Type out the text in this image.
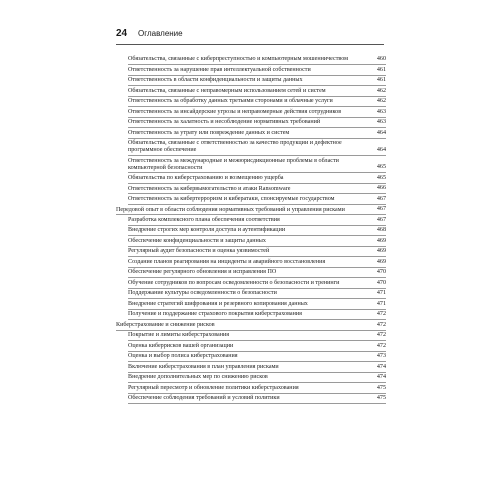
24 Оглавление
Обязательства, связанные с киберпреступностью и компьютерным мошенничеством	460
Ответственность за нарушение прав интеллектуальной собственности	461
Ответственность в области конфиденциальности и защиты данных	461
Обязательства, связанные с неправомерным использованием сетей и систем	462
Ответственность за обработку данных третьими сторонами и облачные услуги	462
Ответственность за инсайдерские угрозы и неправомерные действия сотрудников	463
Ответственность за халатность и несоблюдение нормативных требований	463
Ответственность за утрату или повреждение данных и систем	464
Обязательства, связанные с ответственностью за качество продукции и дефектное программное обеспечение	464
Ответственность за международные и межюрисдикционные проблемы в области компьютерной безопасности	465
Обязательства по киберстрахованию и возмещению ущерба	465
Ответственность за кибервымогательство и атаки Ransomware	466
Ответственность за кибертерроризм и кибератаки, спонсируемые государством	467
Передовой опыт в области соблюдения нормативных требований и управления рисками	467
Разработка комплексного плана обеспечения соответствия	467
Внедрение строгих мер контроля доступа и аутентификации	468
Обеспечение конфиденциальности и защиты данных	469
Регулярный аудит безопасности и оценка уязвимостей	469
Создание планов реагирования на инциденты и аварийного восстановления	469
Обеспечение регулярного обновления и исправления ПО	470
Обучение сотрудников по вопросам осведомленности о безопасности и тренинги	470
Поддержание культуры осведомленности о безопасности	471
Внедрение стратегий шифрования и резервного копирования данных	471
Получение и поддержание страхового покрытия киберстрахования	472
Киберстрахование и снижение рисков	472
Покрытие и лимиты киберстрахования	472
Оценка киберрисков вашей организации	472
Оценка и выбор полиса киберстрахования	473
Включение киберстрахования в план управления рисками	474
Внедрение дополнительных мер по снижению рисков	474
Регулярный пересмотр и обновление политики киберстрахования	475
Обеспечение соблюдения требований и условий политики	475
